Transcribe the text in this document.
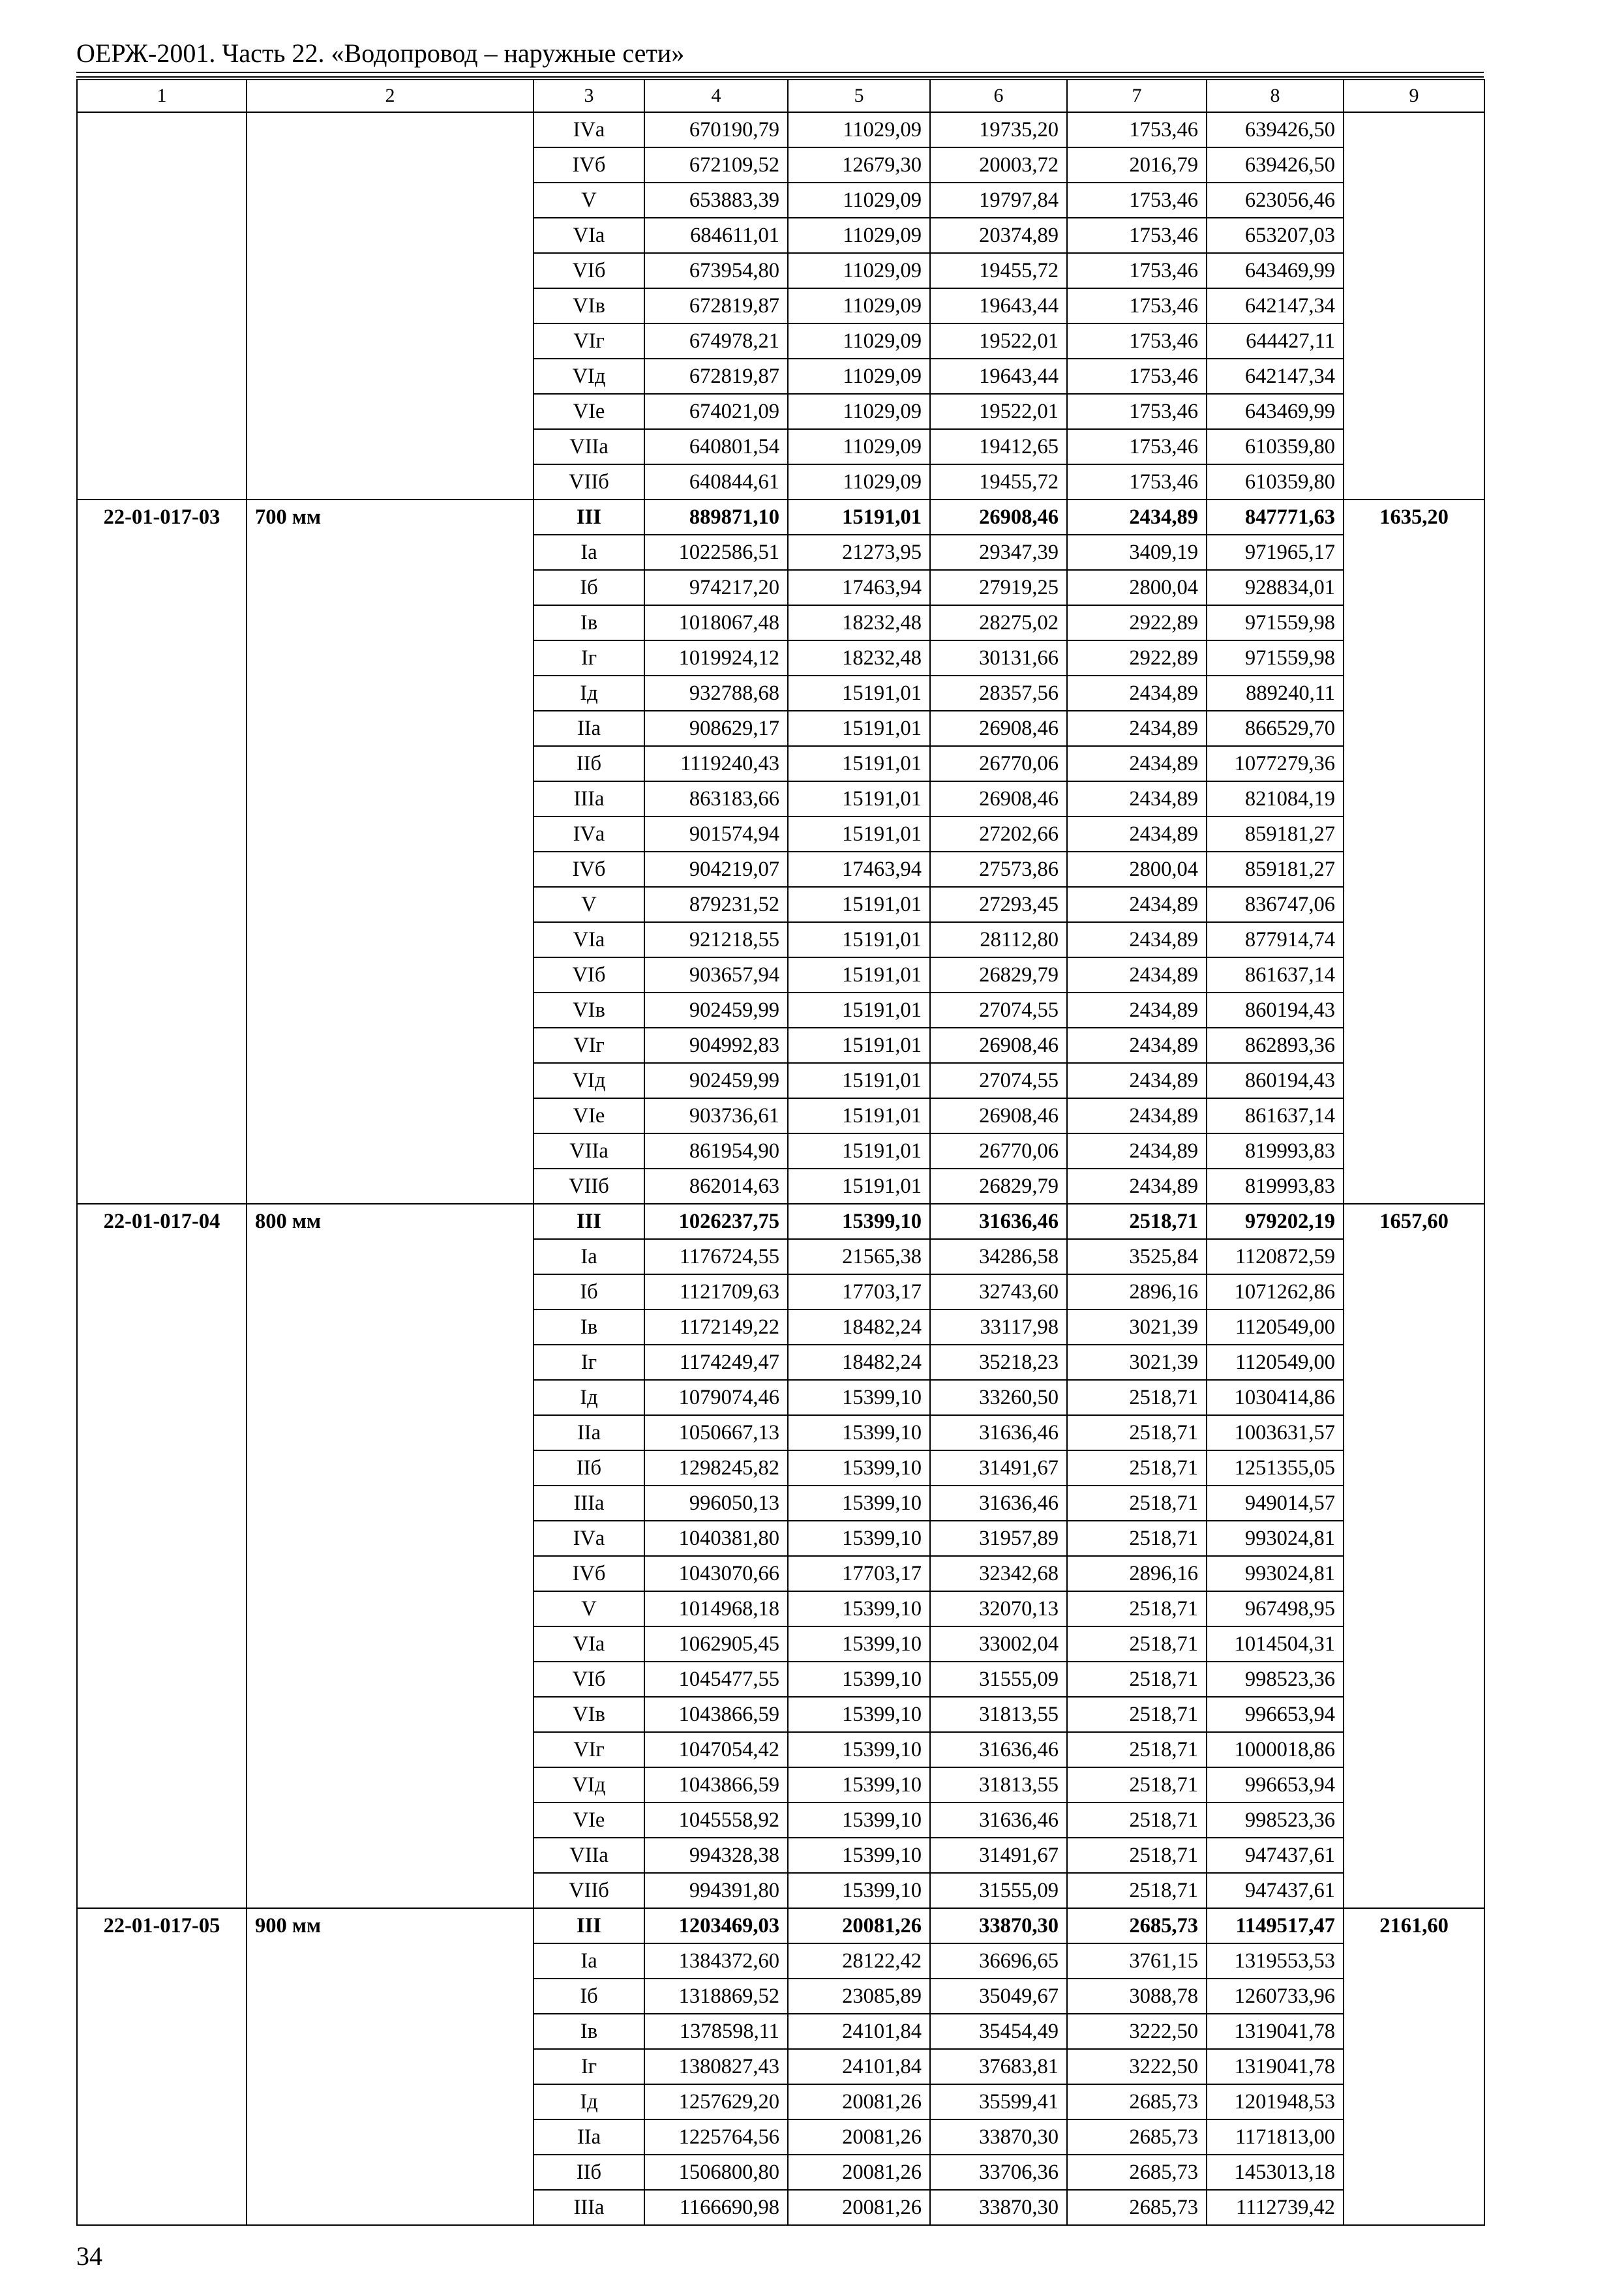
ОЕРЖ-2001. Часть 22. «Водопровод – наружные сети»
1	2	3	4	5	6	7	8	9
		IVа	670190,79	11029,09	19735,20	1753,46	639426,50	
		IVб	672109,52	12679,30	20003,72	2016,79	639426,50	
		V	653883,39	11029,09	19797,84	1753,46	623056,46	
		VIа	684611,01	11029,09	20374,89	1753,46	653207,03	
		VIб	673954,80	11029,09	19455,72	1753,46	643469,99	
		VIв	672819,87	11029,09	19643,44	1753,46	642147,34	
		VIг	674978,21	11029,09	19522,01	1753,46	644427,11	
		VIд	672819,87	11029,09	19643,44	1753,46	642147,34	
		VIе	674021,09	11029,09	19522,01	1753,46	643469,99	
		VIIа	640801,54	11029,09	19412,65	1753,46	610359,80	
		VIIб	640844,61	11029,09	19455,72	1753,46	610359,80	
22-01-017-03	700 мм	III	889871,10	15191,01	26908,46	2434,89	847771,63	1635,20
		Iа	1022586,51	21273,95	29347,39	3409,19	971965,17	
		Iб	974217,20	17463,94	27919,25	2800,04	928834,01	
		Iв	1018067,48	18232,48	28275,02	2922,89	971559,98	
		Iг	1019924,12	18232,48	30131,66	2922,89	971559,98	
		Iд	932788,68	15191,01	28357,56	2434,89	889240,11	
		IIа	908629,17	15191,01	26908,46	2434,89	866529,70	
		IIб	1119240,43	15191,01	26770,06	2434,89	1077279,36	
		IIIа	863183,66	15191,01	26908,46	2434,89	821084,19	
		IVа	901574,94	15191,01	27202,66	2434,89	859181,27	
		IVб	904219,07	17463,94	27573,86	2800,04	859181,27	
		V	879231,52	15191,01	27293,45	2434,89	836747,06	
		VIа	921218,55	15191,01	28112,80	2434,89	877914,74	
		VIб	903657,94	15191,01	26829,79	2434,89	861637,14	
		VIв	902459,99	15191,01	27074,55	2434,89	860194,43	
		VIг	904992,83	15191,01	26908,46	2434,89	862893,36	
		VIд	902459,99	15191,01	27074,55	2434,89	860194,43	
		VIе	903736,61	15191,01	26908,46	2434,89	861637,14	
		VIIа	861954,90	15191,01	26770,06	2434,89	819993,83	
		VIIб	862014,63	15191,01	26829,79	2434,89	819993,83	
22-01-017-04	800 мм	III	1026237,75	15399,10	31636,46	2518,71	979202,19	1657,60
		Iа	1176724,55	21565,38	34286,58	3525,84	1120872,59	
		Iб	1121709,63	17703,17	32743,60	2896,16	1071262,86	
		Iв	1172149,22	18482,24	33117,98	3021,39	1120549,00	
		Iг	1174249,47	18482,24	35218,23	3021,39	1120549,00	
		Iд	1079074,46	15399,10	33260,50	2518,71	1030414,86	
		IIа	1050667,13	15399,10	31636,46	2518,71	1003631,57	
		IIб	1298245,82	15399,10	31491,67	2518,71	1251355,05	
		IIIа	996050,13	15399,10	31636,46	2518,71	949014,57	
		IVа	1040381,80	15399,10	31957,89	2518,71	993024,81	
		IVб	1043070,66	17703,17	32342,68	2896,16	993024,81	
		V	1014968,18	15399,10	32070,13	2518,71	967498,95	
		VIа	1062905,45	15399,10	33002,04	2518,71	1014504,31	
		VIб	1045477,55	15399,10	31555,09	2518,71	998523,36	
		VIв	1043866,59	15399,10	31813,55	2518,71	996653,94	
		VIг	1047054,42	15399,10	31636,46	2518,71	1000018,86	
		VIд	1043866,59	15399,10	31813,55	2518,71	996653,94	
		VIе	1045558,92	15399,10	31636,46	2518,71	998523,36	
		VIIа	994328,38	15399,10	31491,67	2518,71	947437,61	
		VIIб	994391,80	15399,10	31555,09	2518,71	947437,61	
22-01-017-05	900 мм	III	1203469,03	20081,26	33870,30	2685,73	1149517,47	2161,60
		Iа	1384372,60	28122,42	36696,65	3761,15	1319553,53	
		Iб	1318869,52	23085,89	35049,67	3088,78	1260733,96	
		Iв	1378598,11	24101,84	35454,49	3222,50	1319041,78	
		Iг	1380827,43	24101,84	37683,81	3222,50	1319041,78	
		Iд	1257629,20	20081,26	35599,41	2685,73	1201948,53	
		IIа	1225764,56	20081,26	33870,30	2685,73	1171813,00	
		IIб	1506800,80	20081,26	33706,36	2685,73	1453013,18	
		IIIа	1166690,98	20081,26	33870,30	2685,73	1112739,42	
34
